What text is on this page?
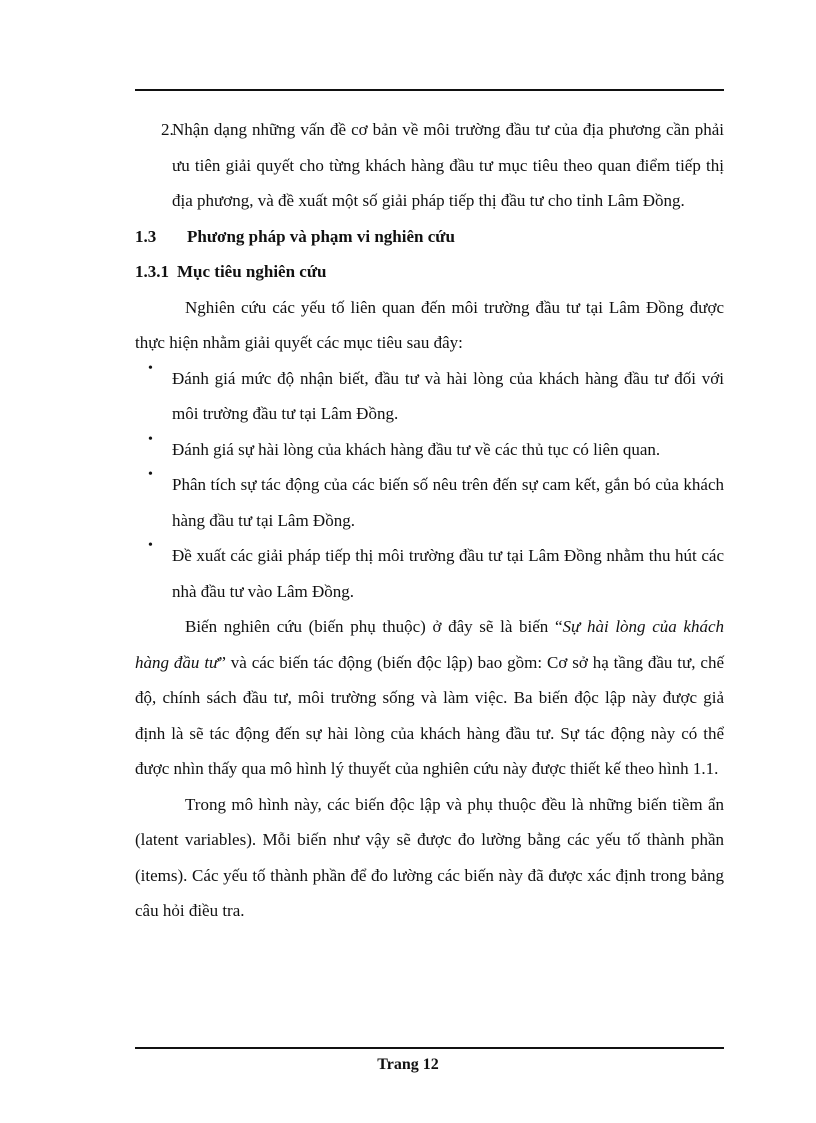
2.

Nhận dạng những vấn đề cơ bản về môi trường đầu tư của địa phương cần phải ưu tiên giải quyết cho từng khách hàng đầu tư mục tiêu theo quan điểm tiếp thị địa phương, và đề xuất một số giải pháp tiếp thị đầu tư cho tỉnh Lâm Đồng.

1.3	Phương pháp và phạm vi nghiên cứu
1.3.1 Mục tiêu nghiên cứu

Nghiên cứu các yếu tố liên quan đến môi trường đầu tư tại Lâm Đồng được thực hiện nhằm giải quyết các mục tiêu sau đây:

•

Đánh giá mức độ nhận biết, đầu tư và hài lòng của khách hàng đầu tư đối với môi trường đầu tư tại Lâm Đồng.

•

Đánh giá sự hài lòng của khách hàng đầu tư về các thủ tục có liên quan.

•

Phân tích sự tác động của các biến số nêu trên đến sự cam kết, gắn bó của khách hàng đầu tư tại Lâm Đồng.

•

Đề xuất các giải pháp tiếp thị môi trường đầu tư tại Lâm Đồng nhằm thu hút các nhà đầu tư vào Lâm Đồng.

Biến nghiên cứu (biến phụ thuộc) ở đây sẽ là biến “Sự hài lòng của khách hàng đầu tư” và các biến tác động (biến độc lập) bao gồm: Cơ sở hạ tầng đầu tư, chế độ, chính sách đầu tư, môi trường sống và làm việc. Ba biến độc lập này được giả định là sẽ tác động đến sự hài lòng của khách hàng đầu tư. Sự tác động này có thể được nhìn thấy qua mô hình lý thuyết của nghiên cứu này được thiết kế theo hình 1.1.

Trong mô hình này, các biến độc lập và phụ thuộc đều là những biến tiềm ẩn (latent variables). Mỗi biến như vậy sẽ được đo lường bằng các yếu tố thành phần (items). Các yếu tố thành phần để đo lường các biến này đã được xác định trong bảng câu hỏi điều tra.

Trang 12
